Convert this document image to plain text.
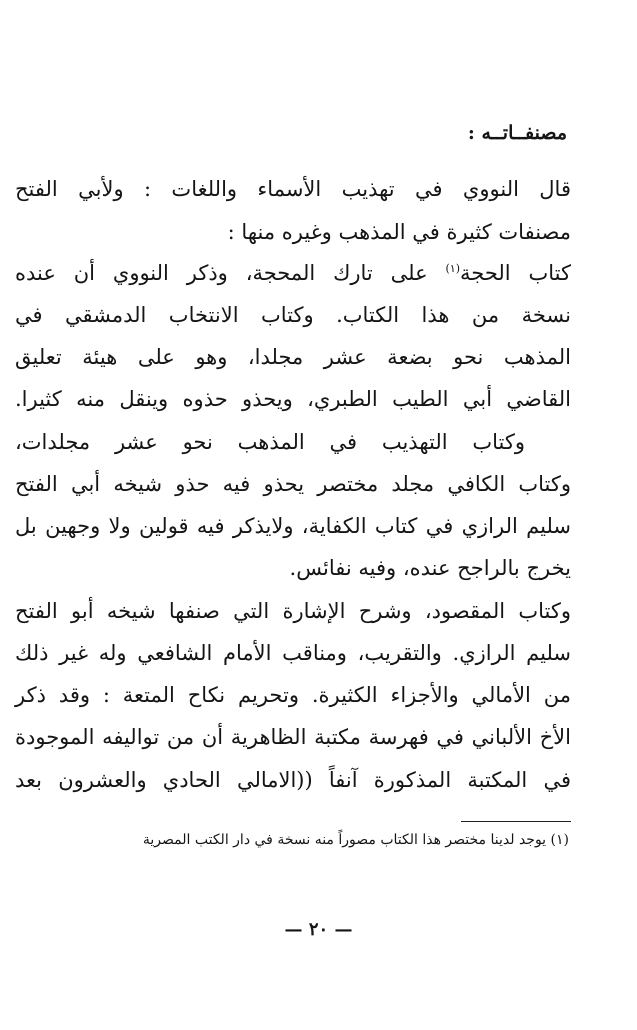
مصنفــاتــه :
قال النووي في تهذيب الأسماء واللغات : ولأبي الفتح
مصنفات كثيرة في المذهب وغيره منها :
كتاب الحجة$^{(١)}$ على تارك المحجة، وذكر النووي أن عنده
نسخة من هذا الكتاب. وكتاب الانتخاب الدمشقي في
المذهب نحو بضعة عشر مجلدا، وهو على هيئة تعليق
القاضي أبي الطيب الطبري، ويحذو حذوه وينقل منه كثيرا.
وكتاب التهذيب في المذهب نحو عشر مجلدات،
وكتاب الكافي مجلد مختصر يحذو فيه حذو شيخه أبي الفتح
سليم الرازي في كتاب الكفاية، ولايذكر فيه قولين ولا وجهين بل
يخرج بالراجح عنده، وفيه نفائس.
وكتاب المقصود، وشرح الإشارة التي صنفها شيخه أبو الفتح
سليم الرازي. والتقريب، ومناقب الأمام الشافعي وله غير ذلك
من الأمالي والأجزاء الكثيرة. وتحريم نكاح المتعة : وقد ذكر
الأخ الألباني في فهرسة مكتبة الظاهرية أن من تواليفه الموجودة
في المكتبة المذكورة آنفاً ((الامالي الحادي والعشرون بعد
(١) يوجد لدينا مختصر هذا الكتاب مصوراً منه نسخة في دار الكتب المصرية
— ٢٠ —
